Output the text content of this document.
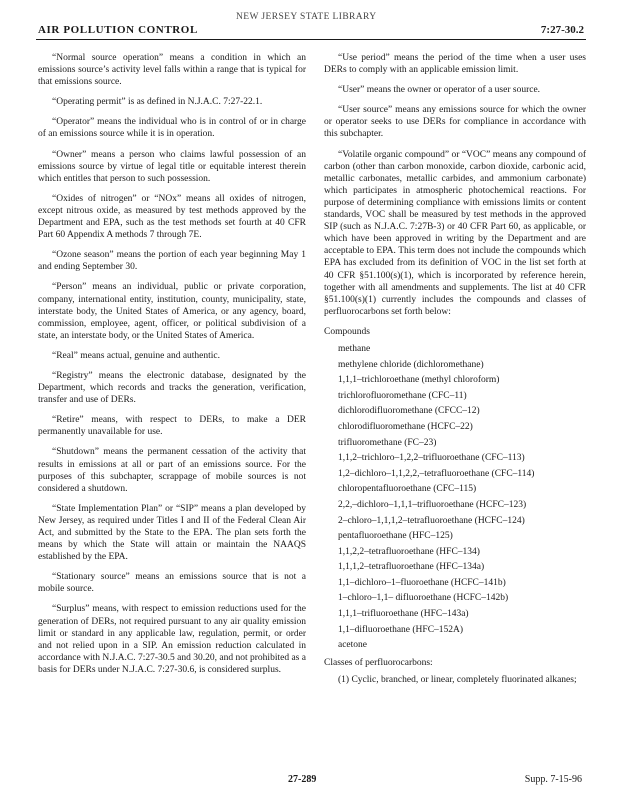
NEW JERSEY STATE LIBRARY
AIR POLLUTION CONTROL	7:27-30.2

“Normal source operation” means a condition in which an emissions source’s activity level falls within a range that is typical for that emissions source.

“Operating permit” is as defined in N.J.A.C. 7:27-22.1.

“Operator” means the individual who is in control of or in charge of an emissions source while it is in operation.

“Owner” means a person who claims lawful possession of an emissions source by virtue of legal title or equitable interest therein which entitles that person to such possession.

“Oxides of nitrogen” or “NOx” means all oxides of nitrogen, except nitrous oxide, as measured by test methods approved by the Department and EPA, such as the test methods set fourth at 40 CFR Part 60 Appendix A methods 7 through 7E.

“Ozone season” means the portion of each year beginning May 1 and ending September 30.

“Person” means an individual, public or private corporation, company, international entity, institution, county, municipality, state, interstate body, the United States of America, or any agency, board, commission, employee, agent, officer, or political subdivision of a state, an interstate body, or the United States of America.

“Real” means actual, genuine and authentic.

“Registry” means the electronic database, designated by the Department, which records and tracks the generation, verification, transfer and use of DERs.

“Retire” means, with respect to DERs, to make a DER permanently unavailable for use.

“Shutdown” means the permanent cessation of the activity that results in emissions at all or part of an emissions source. For the purposes of this subchapter, scrappage of mobile sources is not considered a shutdown.

“State Implementation Plan” or “SIP” means a plan developed by New Jersey, as required under Titles I and II of the Federal Clean Air Act, and submitted by the State to the EPA. The plan sets forth the means by which the State will attain or maintain the NAAQS established by the EPA.

“Stationary source” means an emissions source that is not a mobile source.

“Surplus” means, with respect to emission reductions used for the generation of DERs, not required pursuant to any air quality emission limit or standard in any applicable law, regulation, permit, or order and not relied upon in a SIP. An emission reduction calculated in accordance with N.J.A.C. 7:27-30.5 and 30.20, and not prohibited as a basis for DERs under N.J.A.C. 7:27-30.6, is considered surplus.

“Use period” means the period of the time when a user uses DERs to comply with an applicable emission limit.

“User” means the owner or operator of a user source.

“User source” means any emissions source for which the owner or operator seeks to use DERs for compliance in accordance with this subchapter.

“Volatile organic compound” or “VOC” means any compound of carbon (other than carbon monoxide, carbon dioxide, carbonic acid, metallic carbonates, metallic carbides, and ammonium carbonate) which participates in atmospheric photochemical reactions. For purpose of determining compliance with emissions limits or content standards, VOC shall be measured by test methods in the approved SIP (such as N.J.A.C. 7:27B-3) or 40 CFR Part 60, as applicable, or which have been approved in writing by the Department and are acceptable to EPA. This term does not include the compounds which EPA has excluded from its definition of VOC in the list set forth at 40 CFR §51.100(s)(1), which is incorporated by reference herein, together with all amendments and supplements. The list at 40 CFR §51.100(s)(1) currently includes the compounds and classes of perfluorocarbons set forth below:

Compounds

methane
methylene chloride (dichloromethane)
1,1,1–trichloroethane (methyl chloroform)
trichlorofluoromethane (CFC–11)
dichlorodifluoromethane (CFCC–12)
chlorodifluoromethane (HCFC–22)
trifluoromethane (FC–23)
1,1,2–trichloro–1,2,2–trifluoroethane (CFC–113)
1,2–dichloro–1,1,2,2,–tetrafluoroethane (CFC–114)
chloropentafluoroethane (CFC–115)
2,2,–dichloro–1,1,1–trifluoroethane (HCFC–123)
2–chloro–1,1,1,2–tetrafluoroethane (HCFC–124)
pentafluoroethane (HFC–125)
1,1,2,2–tetrafluoroethane (HFC–134)
1,1,1,2–tetrafluoroethane (HFC–134a)
1,1–dichloro–1–fluoroethane (HCFC–141b)
1–chloro–1,1– difluoroethane (HCFC–142b)
1,1,1–trifluoroethane (HFC–143a)
1,1–difluoroethane (HFC–152A)
acetone

Classes of perfluorocarbons:

(1) Cyclic, branched, or linear, completely fluorinated alkanes;

27-289	Supp. 7-15-96
